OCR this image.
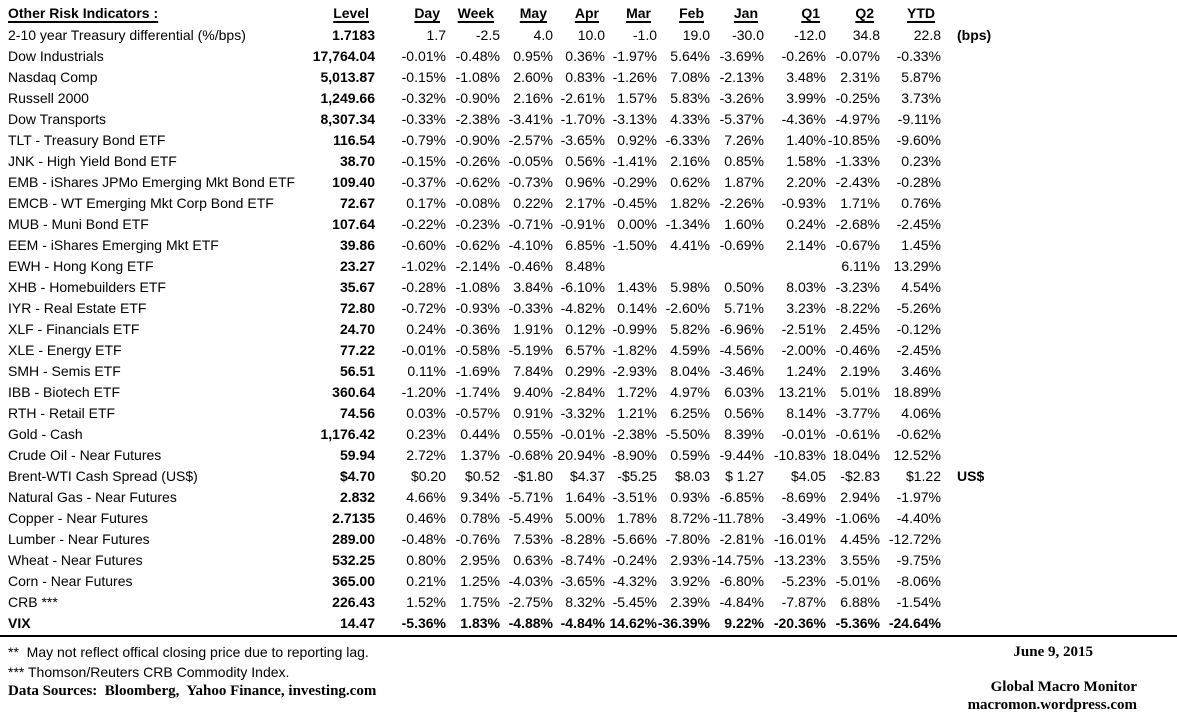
Other Risk Indicators :	Level	Day	Week	May	Apr	Mar	Feb	Jan	Q1	Q2	YTD	
2-10 year Treasury differential (%/bps)	1.7183	1.7	-2.5	4.0	10.0	-1.0	19.0	-30.0	-12.0	34.8	22.8	(bps)
Dow Industrials	17,764.04	-0.01%	-0.48%	0.95%	0.36%	-1.97%	5.64%	-3.69%	-0.26%	-0.07%	-0.33%	
Nasdaq Comp	5,013.87	-0.15%	-1.08%	2.60%	0.83%	-1.26%	7.08%	-2.13%	3.48%	2.31%	5.87%	
Russell 2000	1,249.66	-0.32%	-0.90%	2.16%	-2.61%	1.57%	5.83%	-3.26%	3.99%	-0.25%	3.73%	
Dow Transports	8,307.34	-0.33%	-2.38%	-3.41%	-1.70%	-3.13%	4.33%	-5.37%	-4.36%	-4.97%	-9.11%	
TLT - Treasury Bond ETF	116.54	-0.79%	-0.90%	-2.57%	-3.65%	0.92%	-6.33%	7.26%	1.40%	-10.85%	-9.60%	
JNK - High Yield Bond ETF	38.70	-0.15%	-0.26%	-0.05%	0.56%	-1.41%	2.16%	0.85%	1.58%	-1.33%	0.23%	
EMB - iShares JPMo Emerging Mkt Bond ETF	109.40	-0.37%	-0.62%	-0.73%	0.96%	-0.29%	0.62%	1.87%	2.20%	-2.43%	-0.28%	
EMCB - WT Emerging Mkt Corp Bond ETF	72.67	0.17%	-0.08%	0.22%	2.17%	-0.45%	1.82%	-2.26%	-0.93%	1.71%	0.76%	
MUB - Muni Bond ETF	107.64	-0.22%	-0.23%	-0.71%	-0.91%	0.00%	-1.34%	1.60%	0.24%	-2.68%	-2.45%	
EEM - iShares Emerging Mkt ETF	39.86	-0.60%	-0.62%	-4.10%	6.85%	-1.50%	4.41%	-0.69%	2.14%	-0.67%	1.45%	
EWH - Hong Kong ETF	23.27	-1.02%	-2.14%	-0.46%	8.48%					6.11%	13.29%	
XHB - Homebuilders ETF	35.67	-0.28%	-1.08%	3.84%	-6.10%	1.43%	5.98%	0.50%	8.03%	-3.23%	4.54%	
IYR - Real Estate ETF	72.80	-0.72%	-0.93%	-0.33%	-4.82%	0.14%	-2.60%	5.71%	3.23%	-8.22%	-5.26%	
XLF - Financials ETF	24.70	0.24%	-0.36%	1.91%	0.12%	-0.99%	5.82%	-6.96%	-2.51%	2.45%	-0.12%	
XLE - Energy ETF	77.22	-0.01%	-0.58%	-5.19%	6.57%	-1.82%	4.59%	-4.56%	-2.00%	-0.46%	-2.45%	
SMH - Semis ETF	56.51	0.11%	-1.69%	7.84%	0.29%	-2.93%	8.04%	-3.46%	1.24%	2.19%	3.46%	
IBB - Biotech ETF	360.64	-1.20%	-1.74%	9.40%	-2.84%	1.72%	4.97%	6.03%	13.21%	5.01%	18.89%	
RTH - Retail ETF	74.56	0.03%	-0.57%	0.91%	-3.32%	1.21%	6.25%	0.56%	8.14%	-3.77%	4.06%	
Gold - Cash	1,176.42	0.23%	0.44%	0.55%	-0.01%	-2.38%	-5.50%	8.39%	-0.01%	-0.61%	-0.62%	
Crude Oil - Near Futures	59.94	2.72%	1.37%	-0.68%	20.94%	-8.90%	0.59%	-9.44%	-10.83%	18.04%	12.52%	
Brent-WTI Cash Spread (US$)	$4.70	$0.20	$0.52	-$1.80	$4.37	-$5.25	$8.03	$ 1.27	$4.05	-$2.83	$1.22	US$
Natural Gas - Near Futures	2.832	4.66%	9.34%	-5.71%	1.64%	-3.51%	0.93%	-6.85%	-8.69%	2.94%	-1.97%	
Copper - Near Futures	2.7135	0.46%	0.78%	-5.49%	5.00%	1.78%	8.72%	-11.78%	-3.49%	-1.06%	-4.40%	
Lumber - Near Futures	289.00	-0.48%	-0.76%	7.53%	-8.28%	-5.66%	-7.80%	-2.81%	-16.01%	4.45%	-12.72%	
Wheat - Near Futures	532.25	0.80%	2.95%	0.63%	-8.74%	-0.24%	2.93%	-14.75%	-13.23%	3.55%	-9.75%	
Corn - Near Futures	365.00	0.21%	1.25%	-4.03%	-3.65%	-4.32%	3.92%	-6.80%	-5.23%	-5.01%	-8.06%	
CRB ***	226.43	1.52%	1.75%	-2.75%	8.32%	-5.45%	2.39%	-4.84%	-7.87%	6.88%	-1.54%	
VIX	14.47	-5.36%	1.83%	-4.88%	-4.84%	14.62%	-36.39%	9.22%	-20.36%	-5.36%	-24.64%	
**  May not reflect offical closing price due to reporting lag.
*** Thomson/Reuters CRB Commodity Index.
Data Sources:  Bloomberg,  Yahoo Finance, investing.com
June 9, 2015
Global Macro Monitor
macromon.wordpress.com
